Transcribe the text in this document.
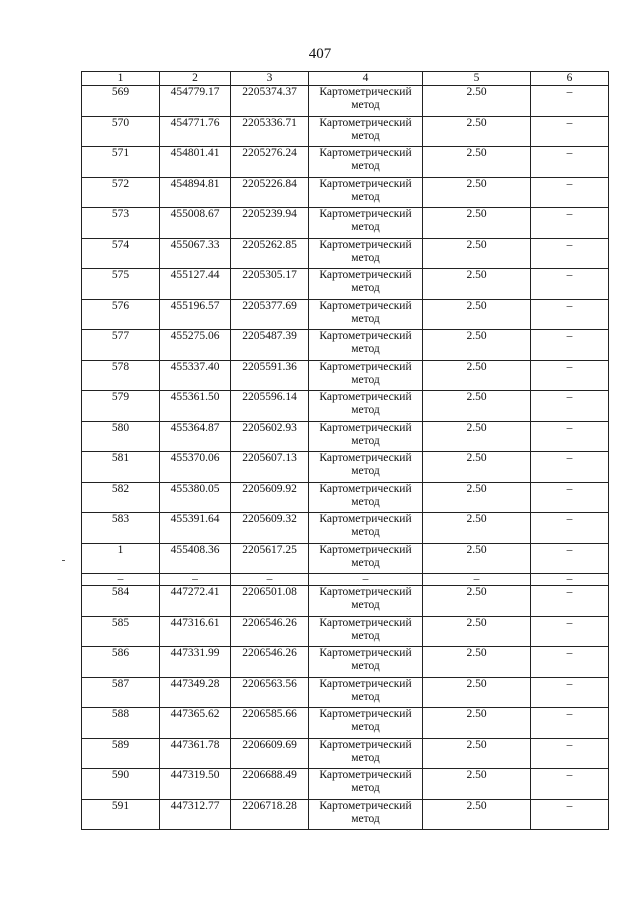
407
1	2	3	4	5	6
569	454779.17	2205374.37	Картометрический метод	2.50	–
570	454771.76	2205336.71	Картометрический метод	2.50	–
571	454801.41	2205276.24	Картометрический метод	2.50	–
572	454894.81	2205226.84	Картометрический метод	2.50	–
573	455008.67	2205239.94	Картометрический метод	2.50	–
574	455067.33	2205262.85	Картометрический метод	2.50	–
575	455127.44	2205305.17	Картометрический метод	2.50	–
576	455196.57	2205377.69	Картометрический метод	2.50	–
577	455275.06	2205487.39	Картометрический метод	2.50	–
578	455337.40	2205591.36	Картометрический метод	2.50	–
579	455361.50	2205596.14	Картометрический метод	2.50	–
580	455364.87	2205602.93	Картометрический метод	2.50	–
581	455370.06	2205607.13	Картометрический метод	2.50	–
582	455380.05	2205609.92	Картометрический метод	2.50	–
583	455391.64	2205609.32	Картометрический метод	2.50	–
1	455408.36	2205617.25	Картометрический метод	2.50	–
–	–	–	–	–	–
584	447272.41	2206501.08	Картометрический метод	2.50	–
585	447316.61	2206546.26	Картометрический метод	2.50	–
586	447331.99	2206546.26	Картометрический метод	2.50	–
587	447349.28	2206563.56	Картометрический метод	2.50	–
588	447365.62	2206585.66	Картометрический метод	2.50	–
589	447361.78	2206609.69	Картометрический метод	2.50	–
590	447319.50	2206688.49	Картометрический метод	2.50	–
591	447312.77	2206718.28	Картометрический метод	2.50	–
